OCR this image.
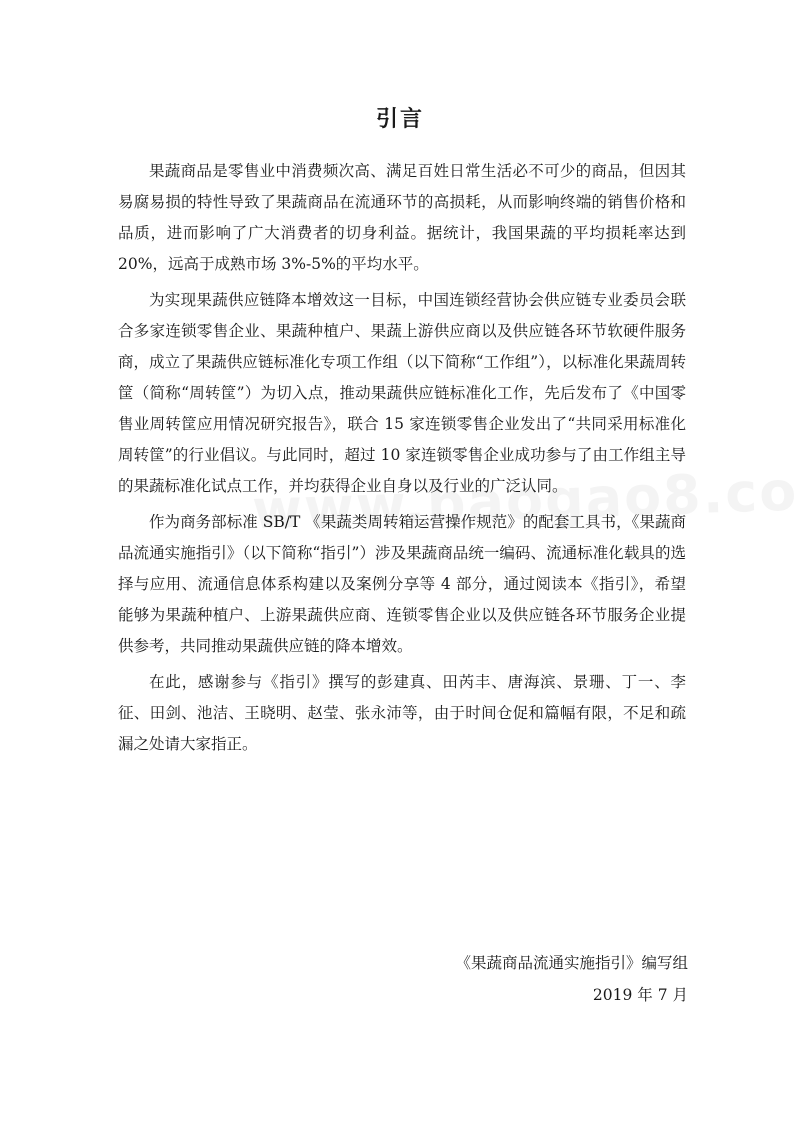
引言

果蔬商品是零售业中消费频次高、满足百姓日常生活必不可少的商品，但因其易腐易损的特性导致了果蔬商品在流通环节的高损耗，从而影响终端的销售价格和品质，进而影响了广大消费者的切身利益。据统计，我国果蔬的平均损耗率达到 20%，远高于成熟市场 3%-5%的平均水平。

为实现果蔬供应链降本增效这一目标，中国连锁经营协会供应链专业委员会联合多家连锁零售企业、果蔬种植户、果蔬上游供应商以及供应链各环节软硬件服务商，成立了果蔬供应链标准化专项工作组（以下简称“工作组”），以标准化果蔬周转筐（简称“周转筐”）为切入点，推动果蔬供应链标准化工作，先后发布了《中国零售业周转筐应用情况研究报告》，联合 15 家连锁零售企业发出了“共同采用标准化周转筐”的行业倡议。与此同时，超过 10 家连锁零售企业成功参与了由工作组主导的果蔬标准化试点工作，并均获得企业自身以及行业的广泛认同。

作为商务部标准 SB/T 《果蔬类周转箱运营操作规范》的配套工具书，《果蔬商品流通实施指引》（以下简称“指引”）涉及果蔬商品统一编码、流通标准化载具的选择与应用、流通信息体系构建以及案例分享等 4 部分，通过阅读本《指引》，希望能够为果蔬种植户、上游果蔬供应商、连锁零售企业以及供应链各环节服务企业提供参考，共同推动果蔬供应链的降本增效。

在此，感谢参与《指引》撰写的彭建真、田芮丰、唐海滨、景珊、丁一、李征、田剑、池洁、王晓明、赵莹、张永沛等，由于时间仓促和篇幅有限，不足和疏漏之处请大家指正。

《果蔬商品流通实施指引》编写组
2019 年 7 月
